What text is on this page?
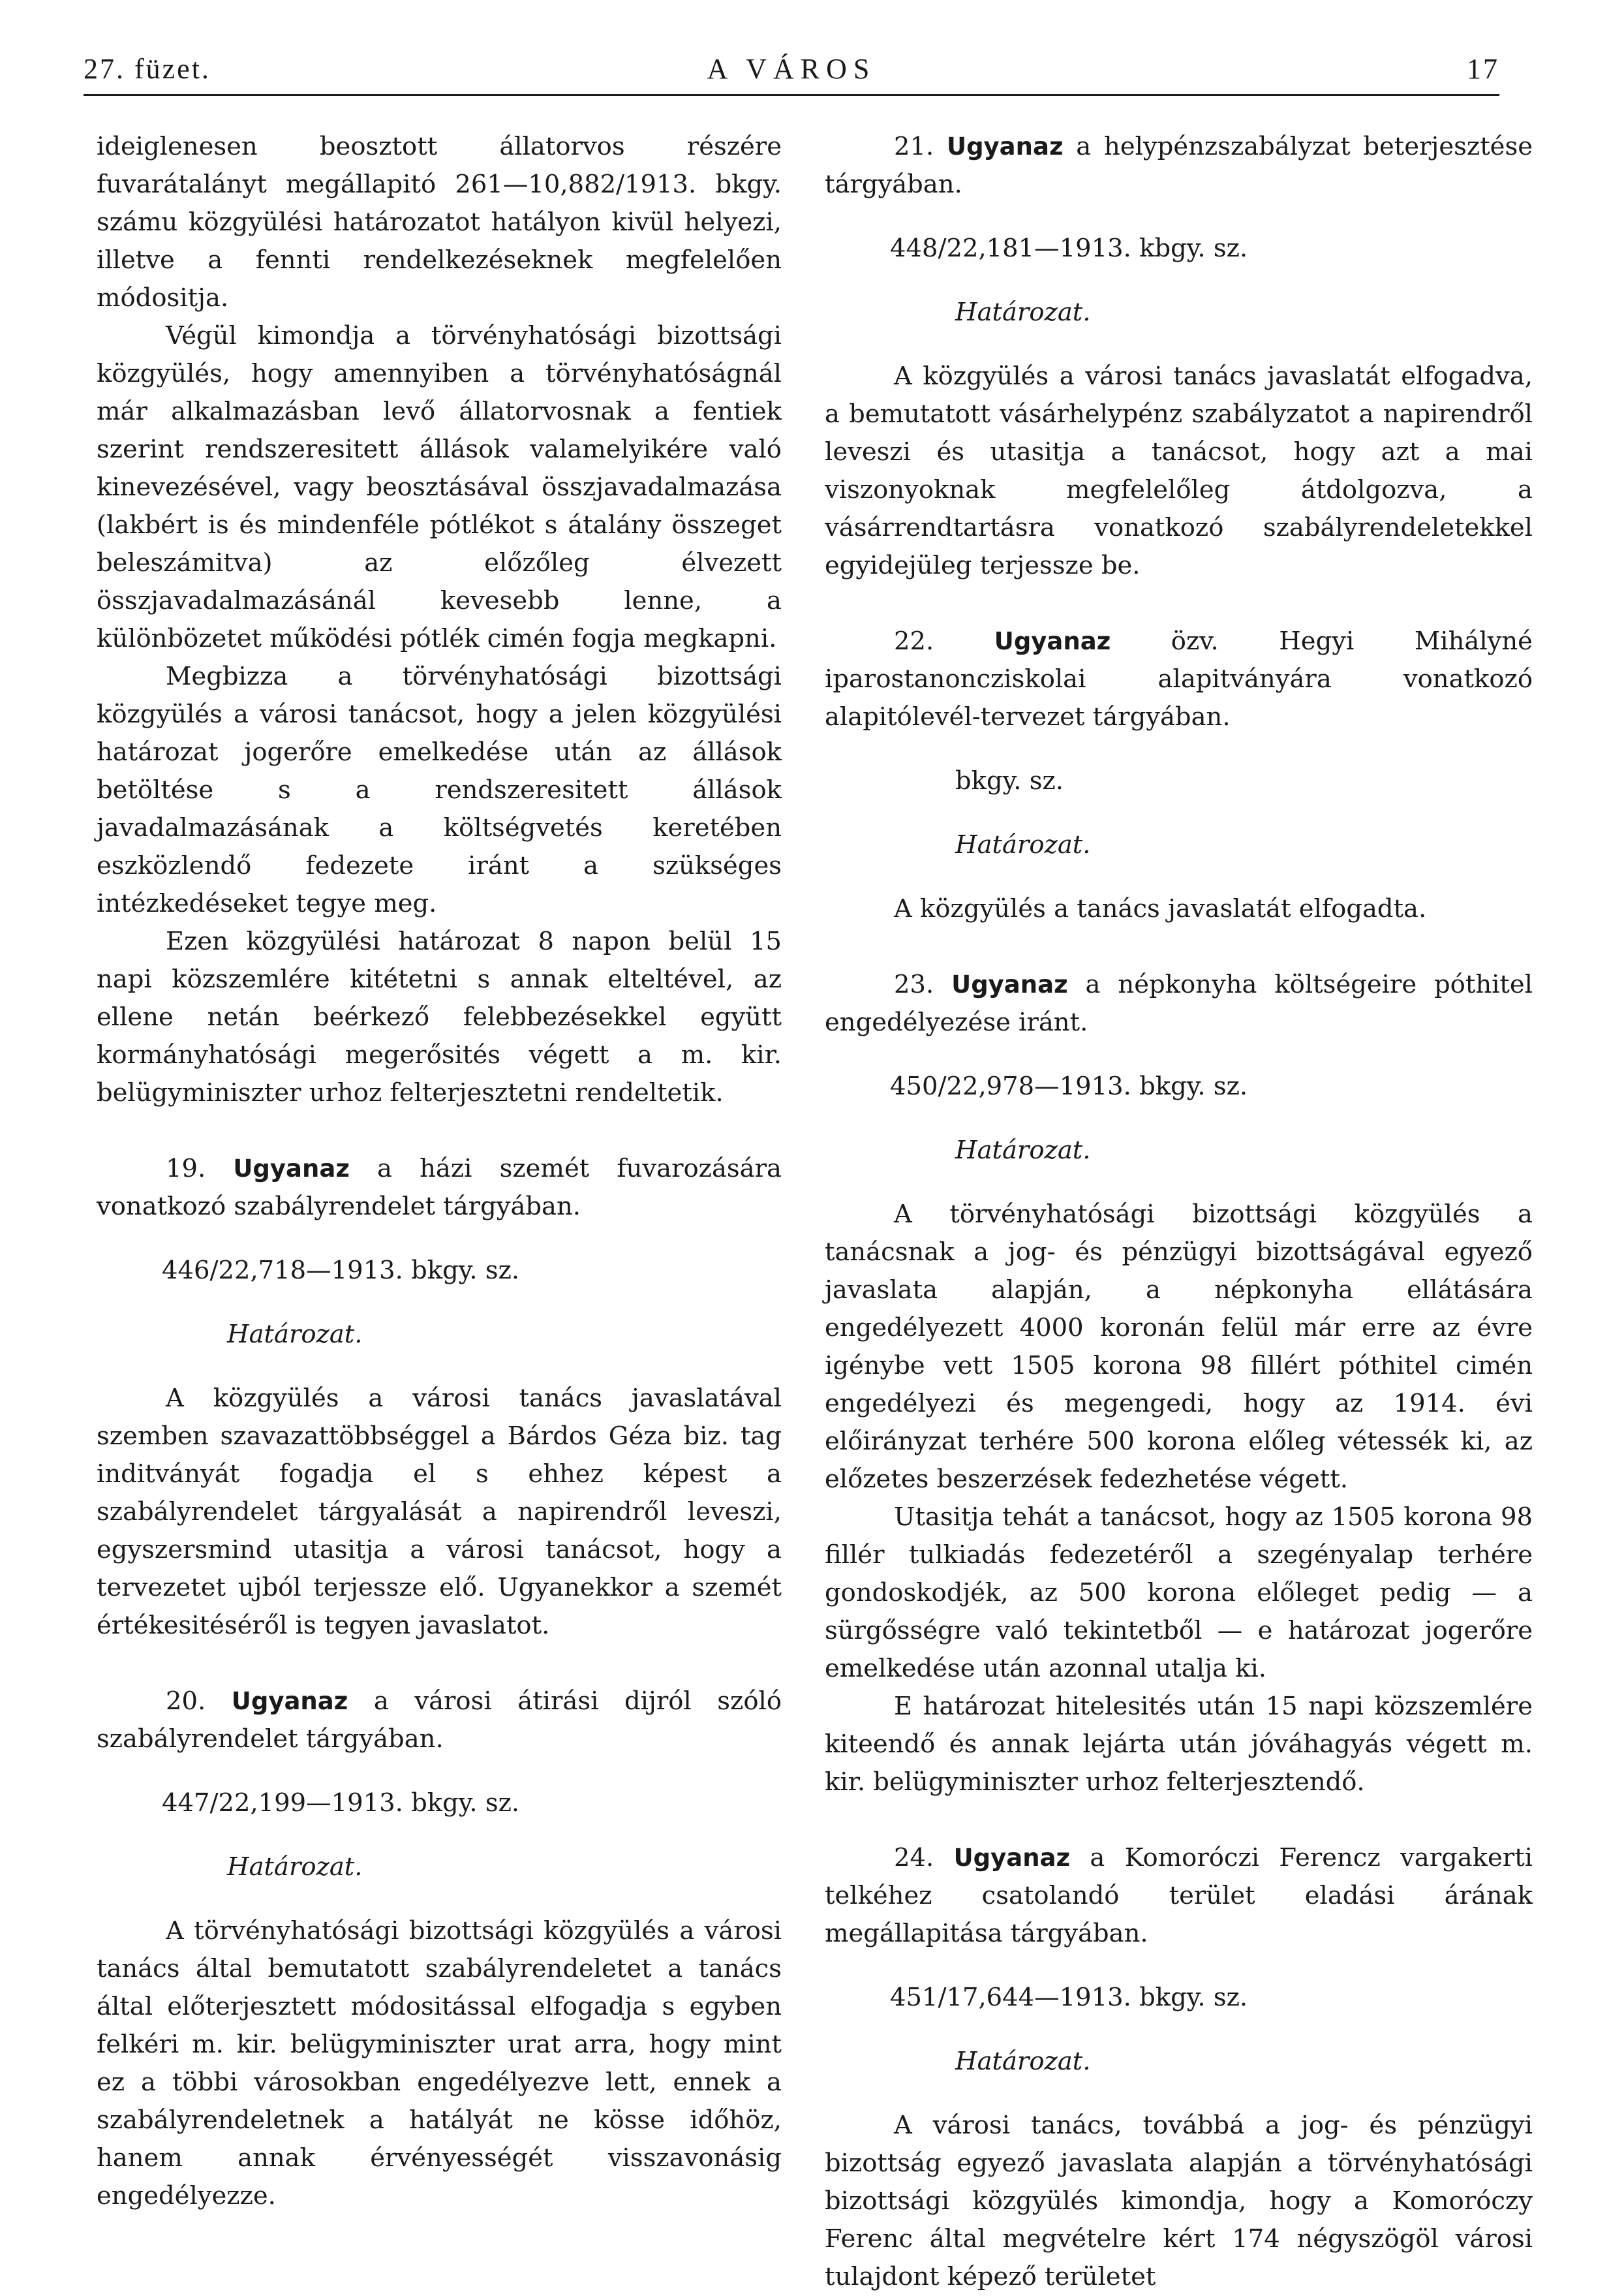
27. füzet.	A VÁROS	17

ideiglenesen beosztott állatorvos részére fuvarátalányt megállapitó 261—10,882/1913. bkgy. számu közgyülési határozatot hatályon kivül helyezi, illetve a fennti rendelkezéseknek megfelelően módositja.

Végül kimondja a törvényhatósági bizottsági közgyülés, hogy amennyiben a törvényhatóságnál már alkalmazásban levő állatorvosnak a fentiek szerint rendszeresitett állások valamelyikére való kinevezésével, vagy beosztásával összjavadalmazása (lakbért is és mindenféle pótlékot s átalány összeget beleszámitva) az előzőleg élvezett összjavadalmazásánál kevesebb lenne, a különbözetet működési pótlék cimén fogja megkapni.

Megbizza a törvényhatósági bizottsági közgyülés a városi tanácsot, hogy a jelen közgyülési határozat jogerőre emelkedése után az állások betöltése s a rendszeresitett állások javadalmazásának a költségvetés keretében eszközlendő fedezete iránt a szükséges intézkedéseket tegye meg.

Ezen közgyülési határozat 8 napon belül 15 napi közszemlére kitétetni s annak elteltével, az ellene netán beérkező felebbezésekkel együtt kormányhatósági megerősités végett a m. kir. belügyminiszter urhoz felterjesztetni rendeltetik.

19. Ugyanaz a házi szemét fuvarozására vonatkozó szabályrendelet tárgyában.

446/22,718—1913. bkgy. sz.

Határozat.

A közgyülés a városi tanács javaslatával szemben szavazattöbbséggel a Bárdos Géza biz. tag inditványát fogadja el s ehhez képest a szabályrendelet tárgyalását a napirendről leveszi, egyszersmind utasitja a városi tanácsot, hogy a tervezetet ujból terjessze elő. Ugyanekkor a szemét értékesitéséről is tegyen javaslatot.

20. Ugyanaz a városi átirási dijról szóló szabályrendelet tárgyában.

447/22,199—1913. bkgy. sz.

Határozat.

A törvényhatósági bizottsági közgyülés a városi tanács által bemutatott szabályrendeletet a tanács által előterjesztett módositással elfogadja s egyben felkéri m. kir. belügyminiszter urat arra, hogy mint ez a többi városokban engedélyezve lett, ennek a szabályrendeletnek a hatályát ne kösse időhöz, hanem annak érvényességét visszavonásig engedélyezze.

21. Ugyanaz a helypénzszabályzat beterjesztése tárgyában.

448/22,181—1913. kbgy. sz.

Határozat.

A közgyülés a városi tanács javaslatát elfogadva, a bemutatott vásárhelypénz szabályzatot a napirendről leveszi és utasitja a tanácsot, hogy azt a mai viszonyoknak megfelelőleg átdolgozva, a vásárrendtartásra vonatkozó szabályrendeletekkel egyidejüleg terjessze be.

22.	Ugyanaz özv. Hegyi Mihályné iparostanoncziskolai alapitványára vonatkozó alapitólevél-tervezet tárgyában.

bkgy. sz.

Határozat.

A közgyülés a tanács javaslatát elfogadta.

23. Ugyanaz a népkonyha költségeire póthitel engedélyezése iránt.

450/22,978—1913. bkgy. sz.

Határozat.

A törvényhatósági bizottsági közgyülés a tanácsnak a jog- és pénzügyi bizottságával egyező javaslata alapján, a népkonyha ellátására engedélyezett 4000 koronán felül már erre az évre igénybe vett 1505 korona 98 fillért póthitel cimén engedélyezi és megengedi, hogy az 1914. évi előirányzat terhére 500 korona előleg vétessék ki, az előzetes beszerzések fedezhetése végett.

Utasitja tehát a tanácsot, hogy az 1505 korona 98 fillér tulkiadás fedezetéről a szegényalap terhére gondoskodjék, az 500 korona előleget pedig — a sürgősségre való tekintetből — e határozat jogerőre emelkedése után azonnal utalja ki.

E határozat hitelesités után 15 napi közszemlére kiteendő és annak lejárta után jóváhagyás végett m. kir. belügyminiszter urhoz felterjesztendő.

24. Ugyanaz a Komoróczi Ferencz vargakerti telkéhez csatolandó terület eladási árának megállapitása tárgyában.

451/17,644—1913. bkgy. sz.

Határozat.

A városi tanács, továbbá a jog- és pénzügyi bizottság egyező javaslata alapján a törvényhatósági bizottsági közgyülés kimondja, hogy a Komoróczy Ferenc által megvételre kért 174 négyszögöl városi tulajdont képező területet
